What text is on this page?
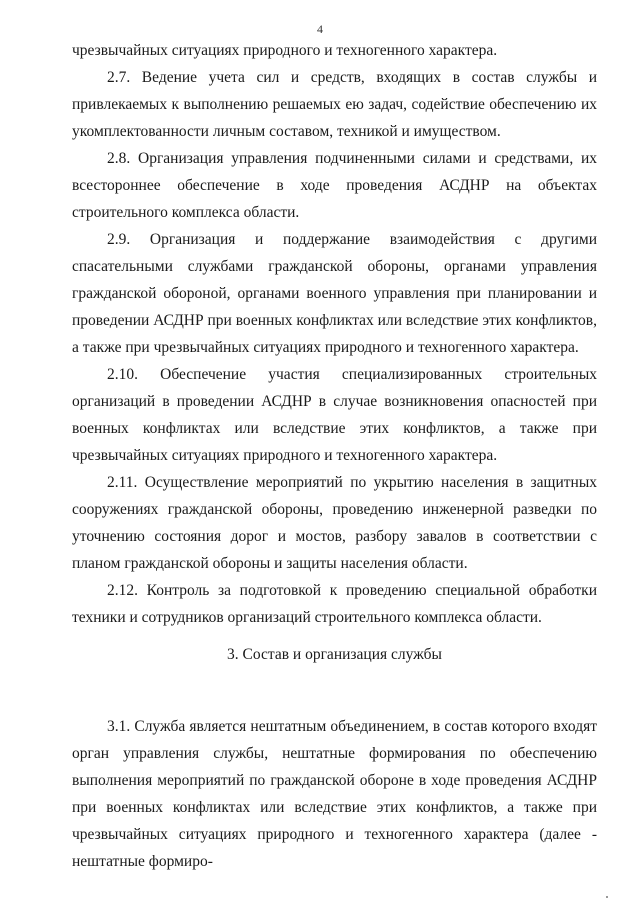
4

чрезвычайных ситуациях природного и техногенного характера.

2.7. Ведение учета сил и средств, входящих в состав службы и привлекаемых к выполнению решаемых ею задач, содействие обеспечению их укомплектованности личным составом, техникой и имуществом.

2.8. Организация управления подчиненными силами и средствами, их всестороннее обеспечение в ходе проведения АСДНР на объектах строительного комплекса области.

2.9. Организация и поддержание взаимодействия с другими спасательными службами гражданской обороны, органами управления гражданской обороной, органами военного управления при планировании и проведении АСДНР при военных конфликтах или вследствие этих конфликтов, а также при чрезвычайных ситуациях природного и техногенного характера.

2.10. Обеспечение участия специализированных строительных организаций в проведении АСДНР в случае возникновения опасностей при военных конфликтах или вследствие этих конфликтов, а также при чрезвычайных ситуациях природного и техногенного характера.

2.11. Осуществление мероприятий по укрытию населения в защитных сооружениях гражданской обороны, проведению инженерной разведки по уточнению состояния дорог и мостов, разбору завалов в соответствии с планом гражданской обороны и защиты населения области.

2.12. Контроль за подготовкой к проведению специальной обработки техники и сотрудников организаций строительного комплекса области.

3. Состав и организация службы

3.1. Служба является нештатным объединением, в состав которого входят орган управления службы, нештатные формирования по обеспечению выполнения мероприятий по гражданской обороне в ходе проведения АСДНР при военных конфликтах или вследствие этих конфликтов, а также при чрезвычайных ситуациях природного и техногенного характера (далее - нештатные формиро-
